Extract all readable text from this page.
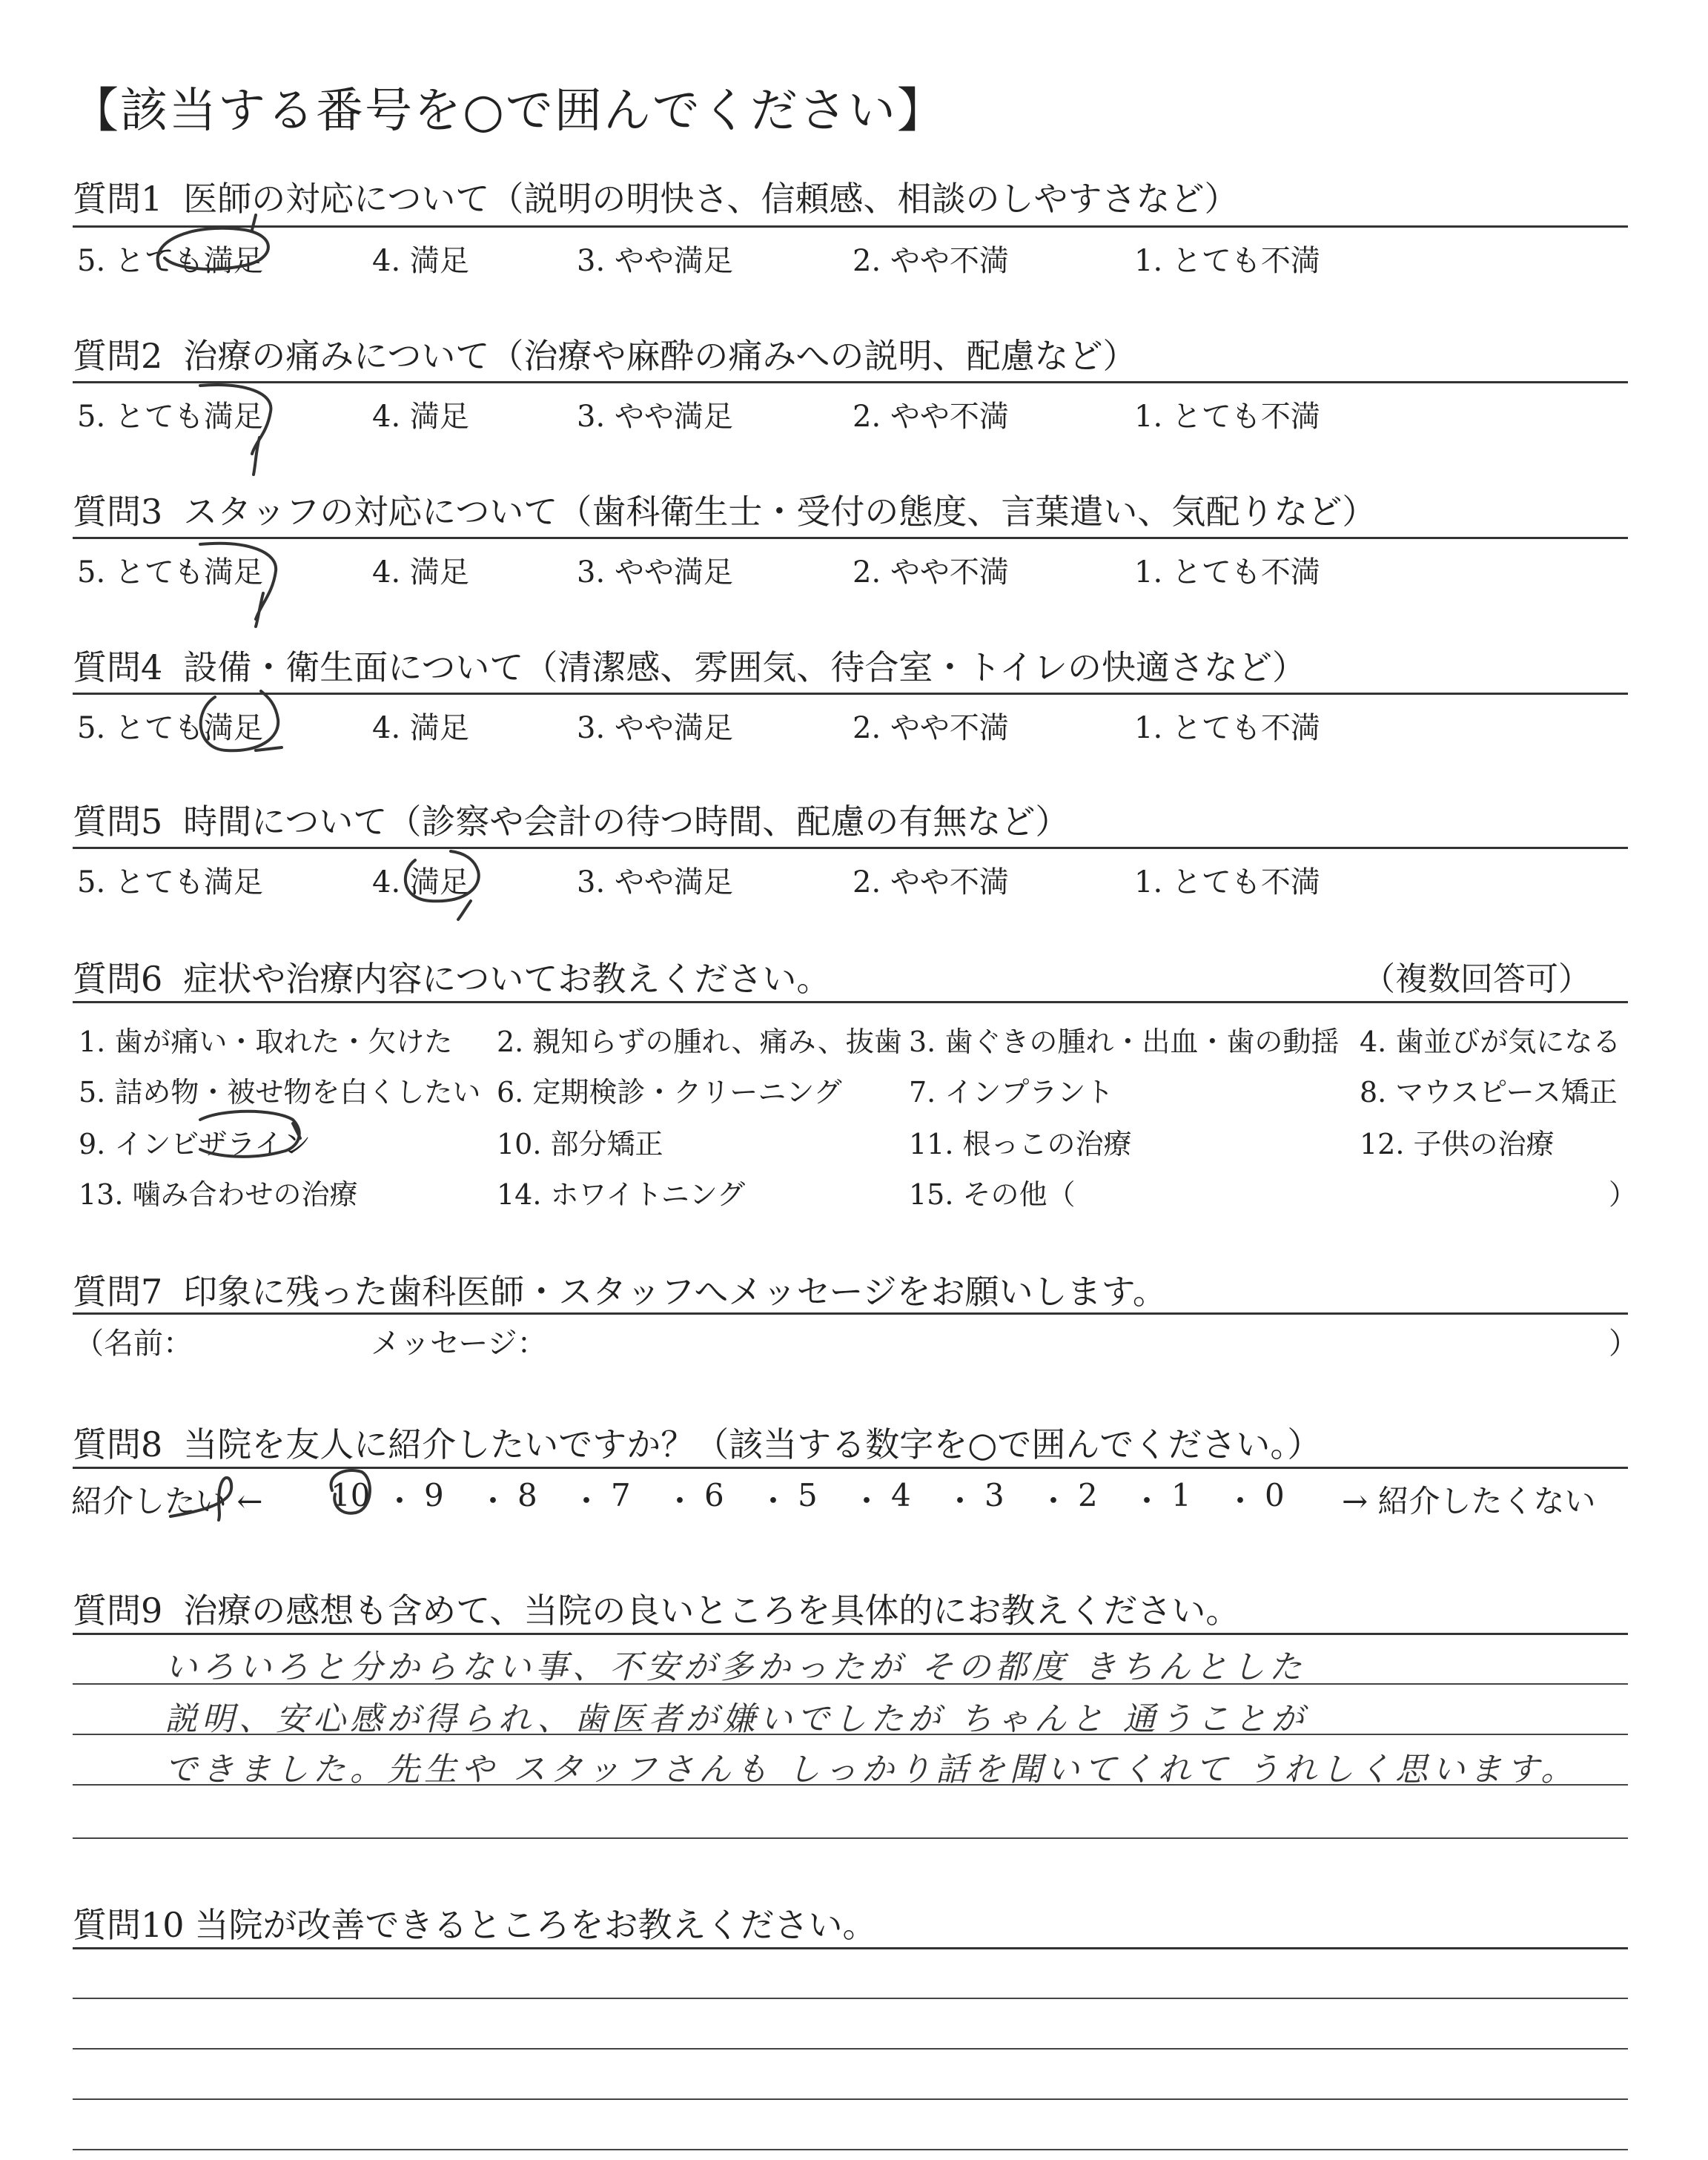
【該当する番号を○で囲んでください】
質問1 医師の対応について（説明の明快さ、信頼感、相談のしやすさなど）
5. とても満足	4. 満足	3. やや満足	2. やや不満	1. とても不満
質問2 治療の痛みについて（治療や麻酔の痛みへの説明、配慮など）
5. とても満足	4. 満足	3. やや満足	2. やや不満	1. とても不満
質問3 スタッフの対応について（歯科衛生士・受付の態度、言葉遣い、気配りなど）
5. とても満足	4. 満足	3. やや満足	2. やや不満	1. とても不満
質問4 設備・衛生面について（清潔感、雰囲気、待合室・トイレの快適さなど）
5. とても満足	4. 満足	3. やや満足	2. やや不満	1. とても不満
質問5 時間について（診察や会計の待つ時間、配慮の有無など）
5. とても満足	4. 満足	3. やや満足	2. やや不満	1. とても不満
質問6 症状や治療内容についてお教えください。	（複数回答可）
1. 歯が痛い・取れた・欠けた 2. 親知らずの腫れ、痛み、抜歯 3. 歯ぐきの腫れ・出血・歯の動揺 4. 歯並びが気になる
5. 詰め物・被せ物を白くしたい 6. 定期検診・クリーニング 7. インプラント	8. マウスピース矯正
9. インビザライン	10. 部分矯正	11. 根っこの治療	12. 子供の治療
13. 噛み合わせの治療	14. ホワイトニング	15. その他（	）
質問7 印象に残った歯科医師・スタッフへメッセージをお願いします。
（名前：	メッセージ：	）
質問8 当院を友人に紹介したいですか？（該当する数字を○で囲んでください。）
紹介したい ← 10 ・ 9 ・ 8 ・ 7 ・ 6 ・ 5 ・ 4 ・ 3 ・ 2 ・ 1 ・ 0 → 紹介したくない
質問9 治療の感想も含めて、当院の良いところを具体的にお教えください。
いろいろと分からない事、不安が多かったが その都度 きちんとした
説明、安心感が得られ、歯医者が嫌いでしたが ちゃんと 通うことが
できました。先生や スタッフさんも しっかり話を聞いてくれて うれしく思います。
質問10 当院が改善できるところをお教えください。
